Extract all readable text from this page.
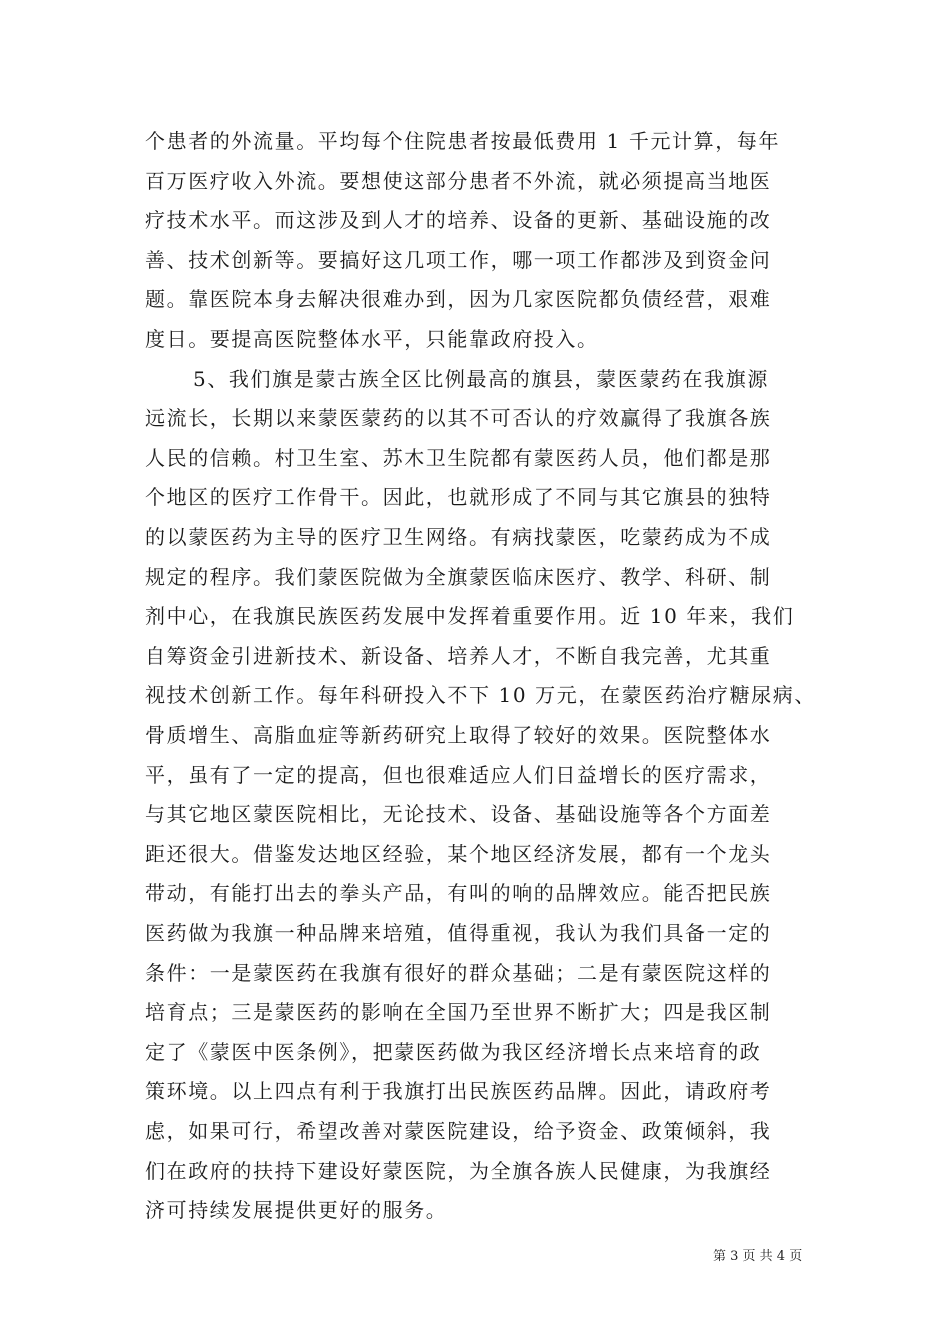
个患者的外流量。平均每个住院患者按最低费用 1 千元计算，每年
百万医疗收入外流。要想使这部分患者不外流，就必须提高当地医
疗技术水平。而这涉及到人才的培养、设备的更新、基础设施的改
善、技术创新等。要搞好这几项工作，哪一项工作都涉及到资金问
题。靠医院本身去解决很难办到，因为几家医院都负债经营，艰难
度日。要提高医院整体水平，只能靠政府投入。
5、我们旗是蒙古族全区比例最高的旗县，蒙医蒙药在我旗源
远流长，长期以来蒙医蒙药的以其不可否认的疗效赢得了我旗各族
人民的信赖。村卫生室、苏木卫生院都有蒙医药人员，他们都是那
个地区的医疗工作骨干。因此，也就形成了不同与其它旗县的独特
的以蒙医药为主导的医疗卫生网络。有病找蒙医，吃蒙药成为不成
规定的程序。我们蒙医院做为全旗蒙医临床医疗、教学、科研、制
剂中心，在我旗民族医药发展中发挥着重要作用。近 10 年来，我们
自筹资金引进新技术、新设备、培养人才，不断自我完善，尤其重
视技术创新工作。每年科研投入不下 10 万元，在蒙医药治疗糖尿病、
骨质增生、高脂血症等新药研究上取得了较好的效果。医院整体水
平，虽有了一定的提高，但也很难适应人们日益增长的医疗需求，
与其它地区蒙医院相比，无论技术、设备、基础设施等各个方面差
距还很大。借鉴发达地区经验，某个地区经济发展，都有一个龙头
带动，有能打出去的拳头产品，有叫的响的品牌效应。能否把民族
医药做为我旗一种品牌来培殖，值得重视，我认为我们具备一定的
条件：一是蒙医药在我旗有很好的群众基础；二是有蒙医院这样的
培育点；三是蒙医药的影响在全国乃至世界不断扩大；四是我区制
定了《蒙医中医条例》，把蒙医药做为我区经济增长点来培育的政
策环境。以上四点有利于我旗打出民族医药品牌。因此，请政府考
虑，如果可行，希望改善对蒙医院建设，给予资金、政策倾斜，我
们在政府的扶持下建设好蒙医院，为全旗各族人民健康，为我旗经
济可持续发展提供更好的服务。
第 3 页 共 4 页
